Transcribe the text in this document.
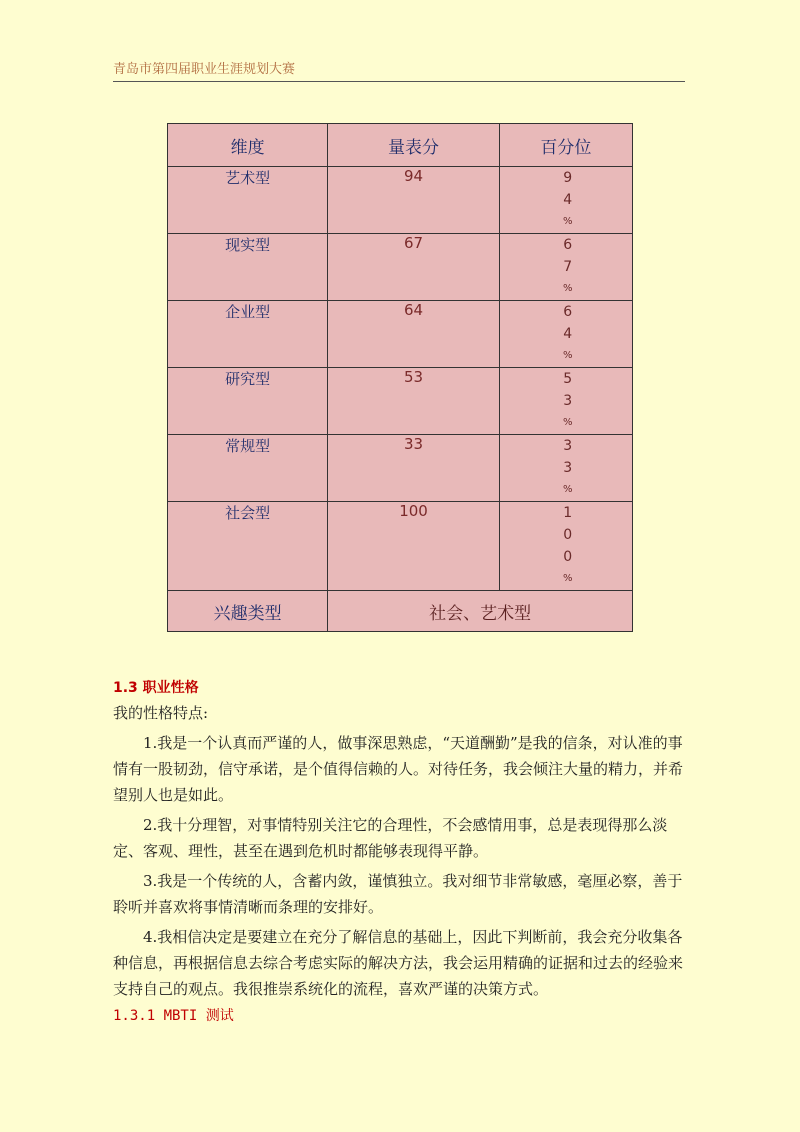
青岛市第四届职业生涯规划大赛
维度	量表分	百分位
艺术型	94	9
4
%

现实型	67	6
7
%

企业型	64	6
4
%

研究型	53	5
3
%

常规型	33	3
3
%

社会型	100	1
0
0
%

兴趣类型	社会、艺术型	

1.3 职业性格

我的性格特点:

1.我是一个认真而严谨的人，做事深思熟虑，“天道酬勤”是我的信条，对认准的事情有一股韧劲，信守承诺，是个值得信赖的人。对待任务，我会倾注大量的精力，并希望别人也是如此。

2.我十分理智，对事情特别关注它的合理性，不会感情用事，总是表现得那么淡定、客观、理性，甚至在遇到危机时都能够表现得平静。

3.我是一个传统的人，含蓄内敛，谨慎独立。我对细节非常敏感，毫厘必察，善于聆听并喜欢将事情清晰而条理的安排好。

4.我相信决定是要建立在充分了解信息的基础上，因此下判断前，我会充分收集各种信息，再根据信息去综合考虑实际的解决方法，我会运用精确的证据和过去的经验来支持自己的观点。我很推崇系统化的流程，喜欢严谨的决策方式。

1.3.1 MBTI 测试
